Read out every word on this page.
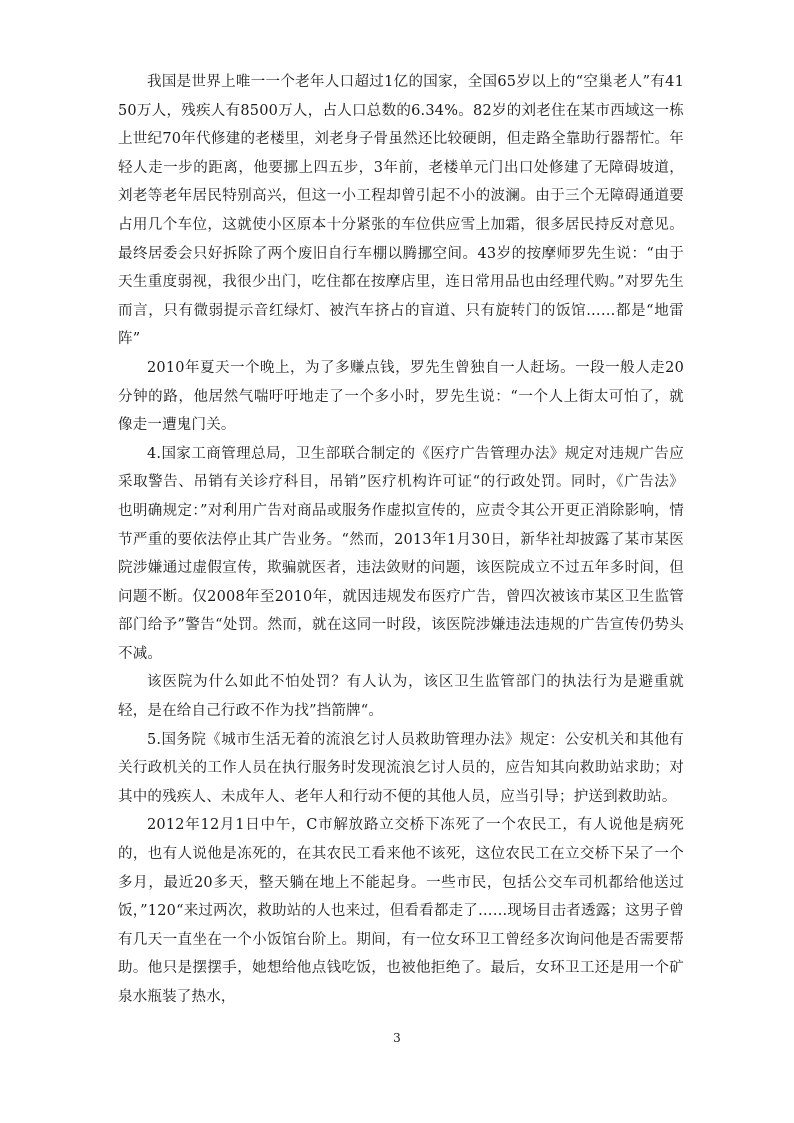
我国是世界上唯一一个老年人口超过1亿的国家，全国65岁以上的“空巢老人”有4150万人，残疾人有8500万人，占人口总数的6.34%。82岁的刘老住在某市西域这一栋上世纪70年代修建的老楼里，刘老身子骨虽然还比较硬朗，但走路全靠助行器帮忙。年轻人走一步的距离，他要挪上四五步，3年前，老楼单元门出口处修建了无障碍坡道，刘老等老年居民特别高兴，但这一小工程却曾引起不小的波澜。由于三个无障碍通道要占用几个车位，这就使小区原本十分紧张的车位供应雪上加霜，很多居民持反对意见。最终居委会只好拆除了两个废旧自行车棚以腾挪空间。43岁的按摩师罗先生说：“由于天生重度弱视，我很少出门，吃住都在按摩店里，连日常用品也由经理代购。”对罗先生而言，只有微弱提示音红绿灯、被汽车挤占的盲道、只有旋转门的饭馆……都是“地雷阵”

2010年夏天一个晚上，为了多赚点钱，罗先生曾独自一人赶场。一段一般人走20分钟的路，他居然气喘吁吁地走了一个多小时，罗先生说：“一个人上街太可怕了，就像走一遭鬼门关。

4.国家工商管理总局，卫生部联合制定的《医疗广告管理办法》规定对违规广告应采取警告、吊销有关诊疗科目，吊销”医疗机构许可证“的行政处罚。同时，《广告法》也明确规定：”对利用广告对商品或服务作虚拟宣传的，应责令其公开更正消除影响，情节严重的要依法停止其广告业务。“然而，2013年1月30日，新华社却披露了某市某医院涉嫌通过虚假宣传，欺骗就医者，违法敛财的问题，该医院成立不过五年多时间，但问题不断。仅2008年至2010年，就因违规发布医疗广告，曾四次被该市某区卫生监管部门给予”警告“处罚。然而，就在这同一时段，该医院涉嫌违法违规的广告宣传仍势头不减。

该医院为什么如此不怕处罚？有人认为，该区卫生监管部门的执法行为是避重就轻，是在给自己行政不作为找”挡箭牌“。

5.国务院《城市生活无着的流浪乞讨人员救助管理办法》规定：公安机关和其他有关行政机关的工作人员在执行服务时发现流浪乞讨人员的，应告知其向救助站求助；对其中的残疾人、未成年人、老年人和行动不便的其他人员，应当引导；护送到救助站。

2012年12月1日中午，C市解放路立交桥下冻死了一个农民工，有人说他是病死的，也有人说他是冻死的，在其农民工看来他不该死，这位农民工在立交桥下呆了一个多月，最近20多天，整天躺在地上不能起身。一些市民，包括公交车司机都给他送过饭，”120“来过两次，救助站的人也来过，但看看都走了……现场目击者透露；这男子曾有几天一直坐在一个小饭馆台阶上。期间，有一位女环卫工曾经多次询问他是否需要帮助。他只是摆摆手，她想给他点钱吃饭，也被他拒绝了。最后，女环卫工还是用一个矿泉水瓶装了热水，

3
